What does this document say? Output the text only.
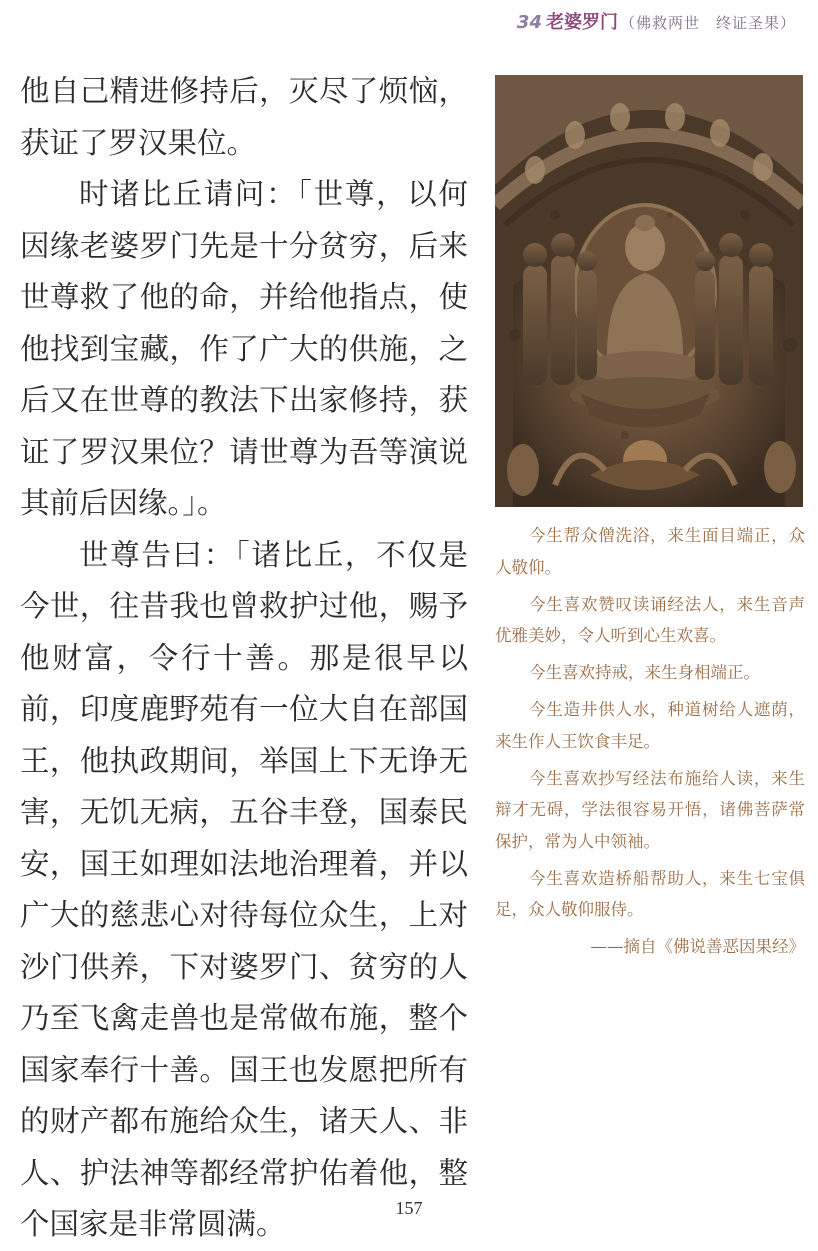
34 老婆罗门 （佛救两世　终证圣果）

他自己精进修持后，灭尽了烦恼，获证了罗汉果位。

时诸比丘请问：「世尊，以何因缘老婆罗门先是十分贫穷，后来世尊救了他的命，并给他指点，使他找到宝藏，作了广大的供施，之后又在世尊的教法下出家修持，获证了罗汉果位？请世尊为吾等演说其前后因缘。」。

世尊告曰：「诸比丘，不仅是今世，往昔我也曾救护过他，赐予他财富，令行十善。那是很早以前，印度鹿野苑有一位大自在部国王，他执政期间，举国上下无诤无害，无饥无病，五谷丰登，国泰民安，国王如理如法地治理着，并以广大的慈悲心对待每位众生，上对沙门供养，下对婆罗门、贫穷的人乃至飞禽走兽也是常做布施，整个国家奉行十善。国王也发愿把所有的财产都布施给众生，诸天人、非人、护法神等都经常护佑着他，整个国家是非常圆满。

今生帮众僧洗浴，来生面目端正，众人敬仰。

今生喜欢赞叹读诵经法人，来生音声优雅美妙，令人听到心生欢喜。

今生喜欢持戒，来生身相端正。

今生造井供人水，种道树给人遮荫，来生作人王饮食丰足。

今生喜欢抄写经法布施给人读，来生辩才无碍，学法很容易开悟，诸佛菩萨常保护，常为人中领袖。

今生喜欢造桥船帮助人，来生七宝俱足，众人敬仰服侍。

——摘自《佛说善恶因果经》

157
